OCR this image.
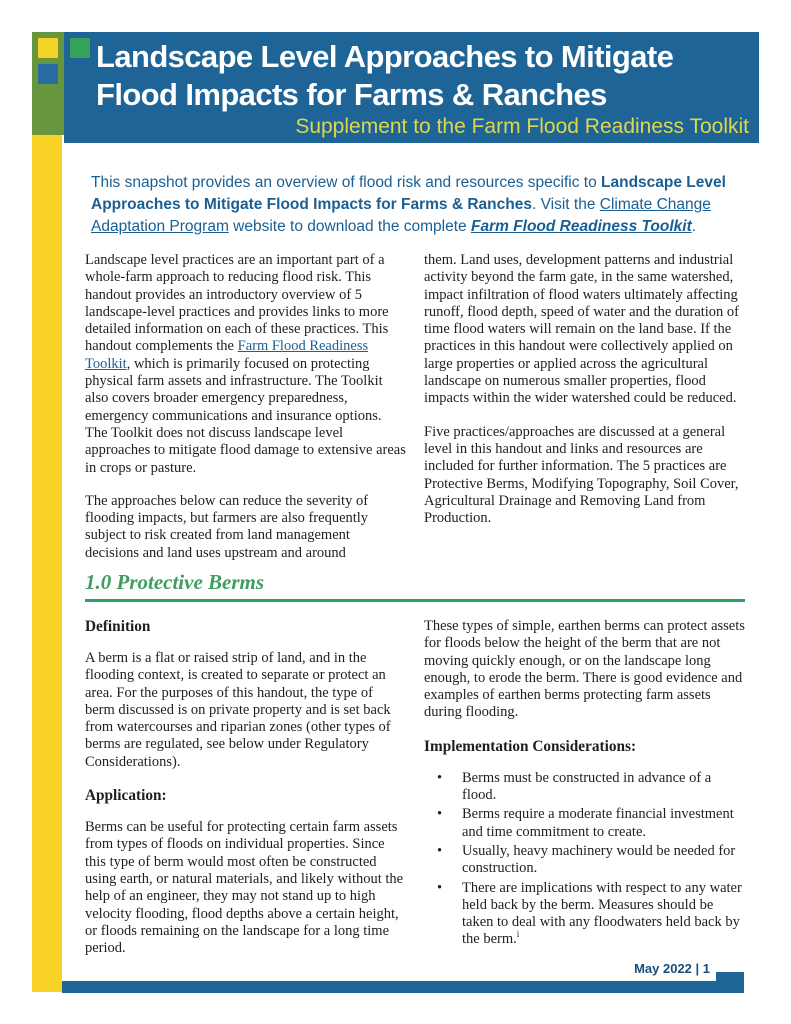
Landscape Level Approaches to Mitigate
Flood Impacts for Farms & Ranches
Supplement to the Farm Flood Readiness Toolkit
This snapshot provides an overview of flood risk and resources specific to Landscape Level Approaches to Mitigate Flood Impacts for Farms & Ranches. Visit the Climate Change Adaptation Program website to download the complete Farm Flood Readiness Toolkit.

Landscape level practices are an important part of a whole-farm approach to reducing flood risk. This handout provides an introductory overview of 5 landscape-level practices and provides links to more detailed information on each of these practices. This handout complements the Farm Flood Readiness Toolkit, which is primarily focused on protecting physical farm assets and infrastructure. The Toolkit also covers broader emergency preparedness, emergency communications and insurance options. The Toolkit does not discuss landscape level approaches to mitigate flood damage to extensive areas in crops or pasture.

The approaches below can reduce the severity of flooding impacts, but farmers are also frequently subject to risk created from land management decisions and land uses upstream and around

them. Land uses, development patterns and industrial activity beyond the farm gate, in the same watershed, impact infiltration of flood waters ultimately affecting runoff, flood depth, speed of water and the duration of time flood waters will remain on the land base. If the practices in this handout were collectively applied on large properties or applied across the agricultural landscape on numerous smaller properties, flood impacts within the wider watershed could be reduced.

Five practices/approaches are discussed at a general level in this handout and links and resources are included for further information. The 5 practices are Protective Berms, Modifying Topography, Soil Cover, Agricultural Drainage and Removing Land from Production.

1.0 Protective Berms
Definition

A berm is a flat or raised strip of land, and in the flooding context, is created to separate or protect an area. For the purposes of this handout, the type of berm discussed is on private property and is set back from watercourses and riparian zones (other types of berms are regulated, see below under Regulatory Considerations).

Application:

Berms can be useful for protecting certain farm assets from types of floods on individual properties. Since this type of berm would most often be constructed using earth, or natural materials, and likely without the help of an engineer, they may not stand up to high velocity flooding, flood depths above a certain height, or floods remaining on the landscape for a long time period.

These types of simple, earthen berms can protect assets for floods below the height of the berm that are not moving quickly enough, or on the landscape long enough, to erode the berm. There is good evidence and examples of earthen berms protecting farm assets during flooding.

Implementation Considerations:
• Berms must be constructed in advance of a flood.
• Berms require a moderate financial investment and time commitment to create.
• Usually, heavy machinery would be needed for construction.
• There are implications with respect to any water held back by the berm. Measures should be taken to deal with any floodwaters held back by the berm.$^i$
May 2022 | 1
